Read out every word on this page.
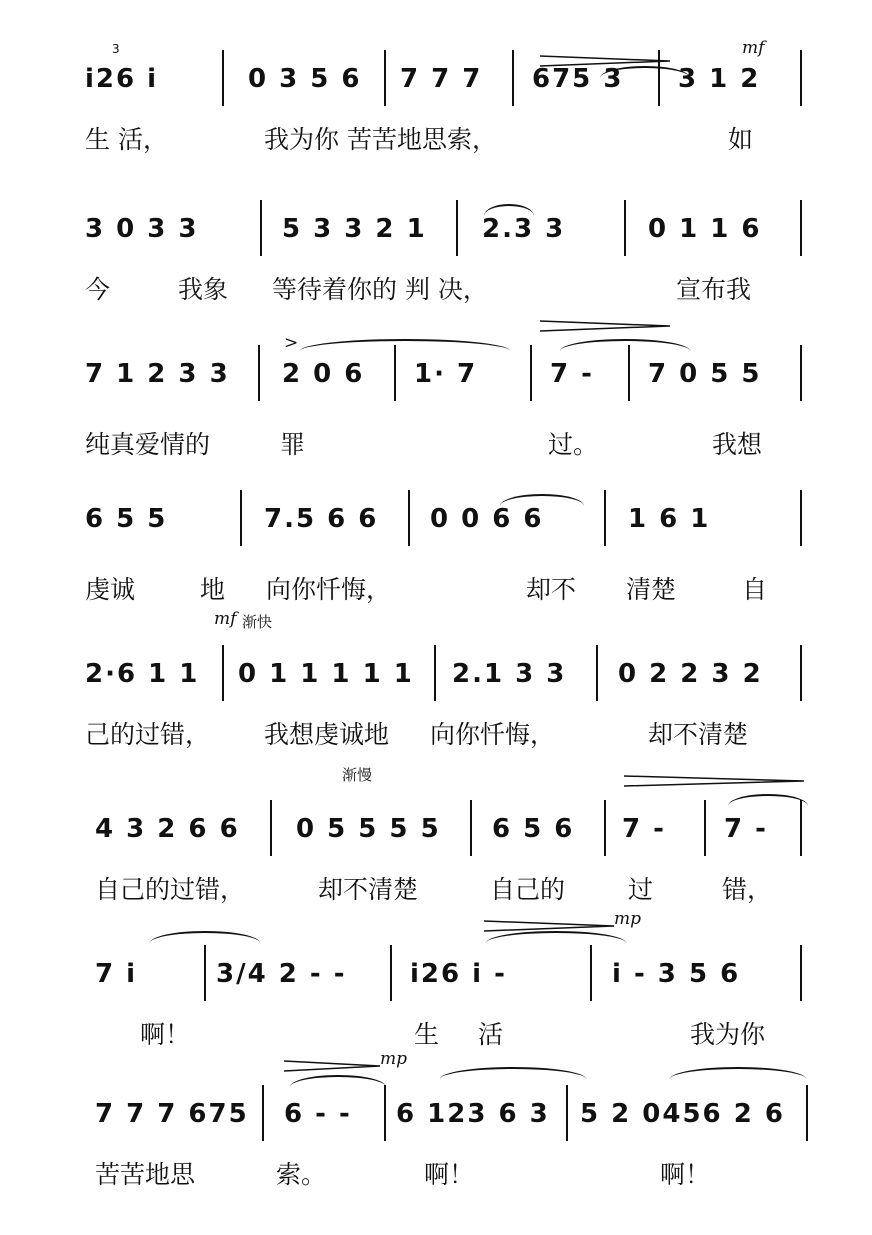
3	mf
i26 i	0 3 5 6 7 7 7 675 3 3 1 2
生 活，	我为你 苦苦地思索，	如
3 0 3 3	5 3 3 2 1 2.3 3	0 1 1 6
今	我象 等待着你的 判 决，	宣布我
>
7 1 2 3 3 2 0 6 1· 7	7 - 7 0 5 5
纯真爱情的	罪	过。	我想
6 5 5	7.5 6 6 0 0 6 6	1 6 1
虔诚	地 向你忏悔，	却不 清楚	自
mf 渐快
2·6 1 1 0 1 1 1 1 1 2.1 3 3 0 2 2 3 2
己的过错， 我想虔诚地 向你忏悔，	却不清楚
渐慢
4 3 2 6 6 0 5 5 5 5 6 5 6 7 - 7 -
自己的过错，	却不清楚	自己的	过	错，
mp
7 i	3/4 2 - - i26 i -	i - 3 5 6
啊！	生 活	我为你
mp
7 7 7 675 6 - - 6 123 6 3 5 2 0456 2 6
苦苦地思	索。	啊！	啊！
